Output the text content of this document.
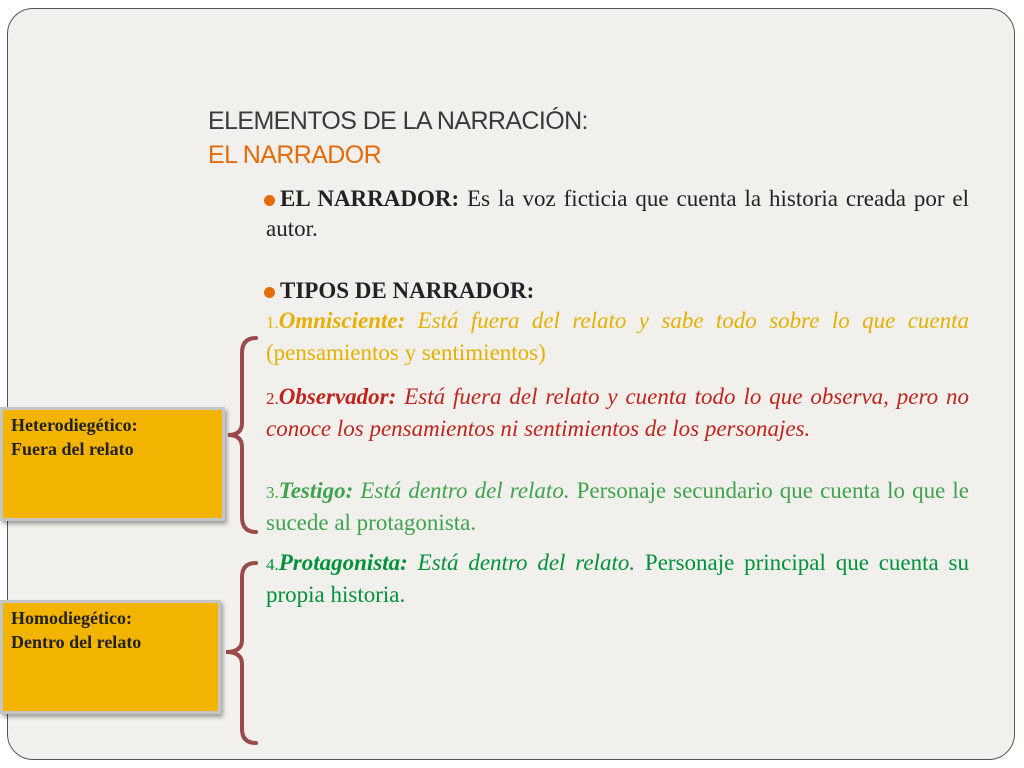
ELEMENTOS DE LA NARRACIÓN:
EL NARRADOR

EL NARRADOR: Es la voz ficticia que cuenta la historia creada por el autor.

TIPOS DE NARRADOR:

1.Omnisciente: Está fuera del relato y sabe todo sobre lo que cuenta (pensamientos y sentimientos)

2.Observador: Está fuera del relato y cuenta todo lo que observa, pero no conoce los pensamientos ni sentimientos de los personajes.

3.Testigo: Está dentro del relato. Personaje secundario que cuenta lo que le sucede al protagonista.

4.Protagonista: Está dentro del relato. Personaje principal que cuenta su propia historia.

Heterodiegético:
Fuera del relato
Homodiegético:
Dentro del relato
